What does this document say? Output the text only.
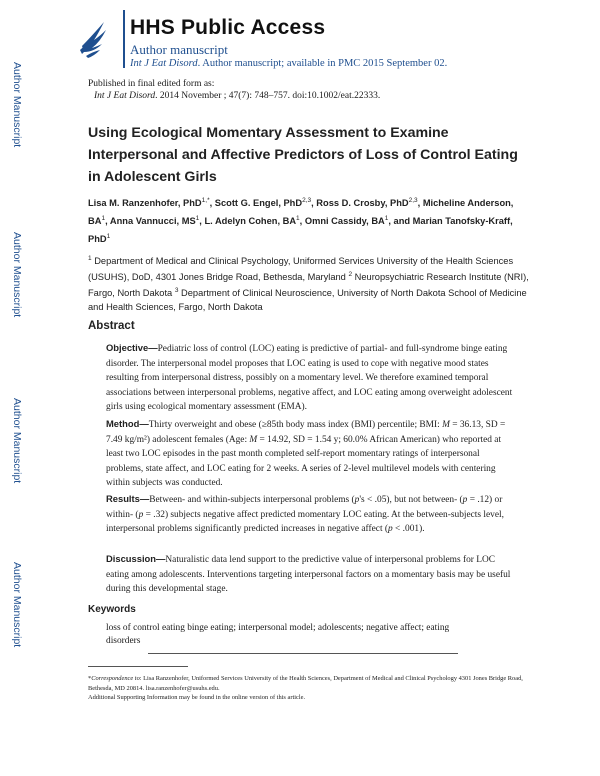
Author Manuscript
Author Manuscript
Author Manuscript
Author Manuscript
HHS Public Access
Author manuscript
Int J Eat Disord. Author manuscript; available in PMC 2015 September 02.
Published in final edited form as:
Int J Eat Disord. 2014 November ; 47(7): 748–757. doi:10.1002/eat.22333.
Using Ecological Momentary Assessment to Examine Interpersonal and Affective Predictors of Loss of Control Eating in Adolescent Girls
Lisa M. Ranzenhofer, PhD$^{1,*}$, Scott G. Engel, PhD$^{2,3}$, Ross D. Crosby, PhD$^{2,3}$, Micheline Anderson, $BA^1$, Anna Vannucci, $MS^1$, L. Adelyn Cohen, $BA^1$, Omni Cassidy, $BA^1$, and Marian Tanofsky-Kraff, PhD$^1$
$^1$ Department of Medical and Clinical Psychology, Uniformed Services University of the Health Sciences (USUHS), DoD, 4301 Jones Bridge Road, Bethesda, Maryland $^2$ Neuropsychiatric Research Institute (NRI), Fargo, North Dakota $^3$ Department of Clinical Neuroscience, University of North Dakota School of Medicine and Health Sciences, Fargo, North Dakota
Abstract
Objective—Pediatric loss of control (LOC) eating is predictive of partial- and full-syndrome binge eating disorder. The interpersonal model proposes that LOC eating is used to cope with negative mood states resulting from interpersonal distress, possibly on a momentary level. We therefore examined temporal associations between interpersonal problems, negative affect, and LOC eating among overweight adolescent girls using ecological momentary assessment (EMA).
Method—Thirty overweight and obese (≥85th body mass index (BMI) percentile; BMI: M = 36.13, SD = 7.49 kg/m²) adolescent females (Age: M = 14.92, SD = 1.54 y; 60.0% African American) who reported at least two LOC episodes in the past month completed self-report momentary ratings of interpersonal problems, state affect, and LOC eating for 2 weeks. A series of 2-level multilevel models with centering within subjects was conducted.
Results—Between- and within-subjects interpersonal problems (p's < .05), but not between- (p = .12) or within- (p = .32) subjects negative affect predicted momentary LOC eating. At the between-subjects level, interpersonal problems significantly predicted increases in negative affect (p < .001).
Discussion—Naturalistic data lend support to the predictive value of interpersonal problems for LOC eating among adolescents. Interventions targeting interpersonal factors on a momentary basis may be useful during this developmental stage.
Keywords
loss of control eating binge eating; interpersonal model; adolescents; negative affect; eating disorders
*Correspondence to: Lisa Ranzenhofer, Uniformed Services University of the Health Sciences, Department of Medical and Clinical Psychology 4301 Jones Bridge Road, Bethesda, MD 20814. lisa.ranzenhofer@usuhs.edu.
Additional Supporting Information may be found in the online version of this article.
